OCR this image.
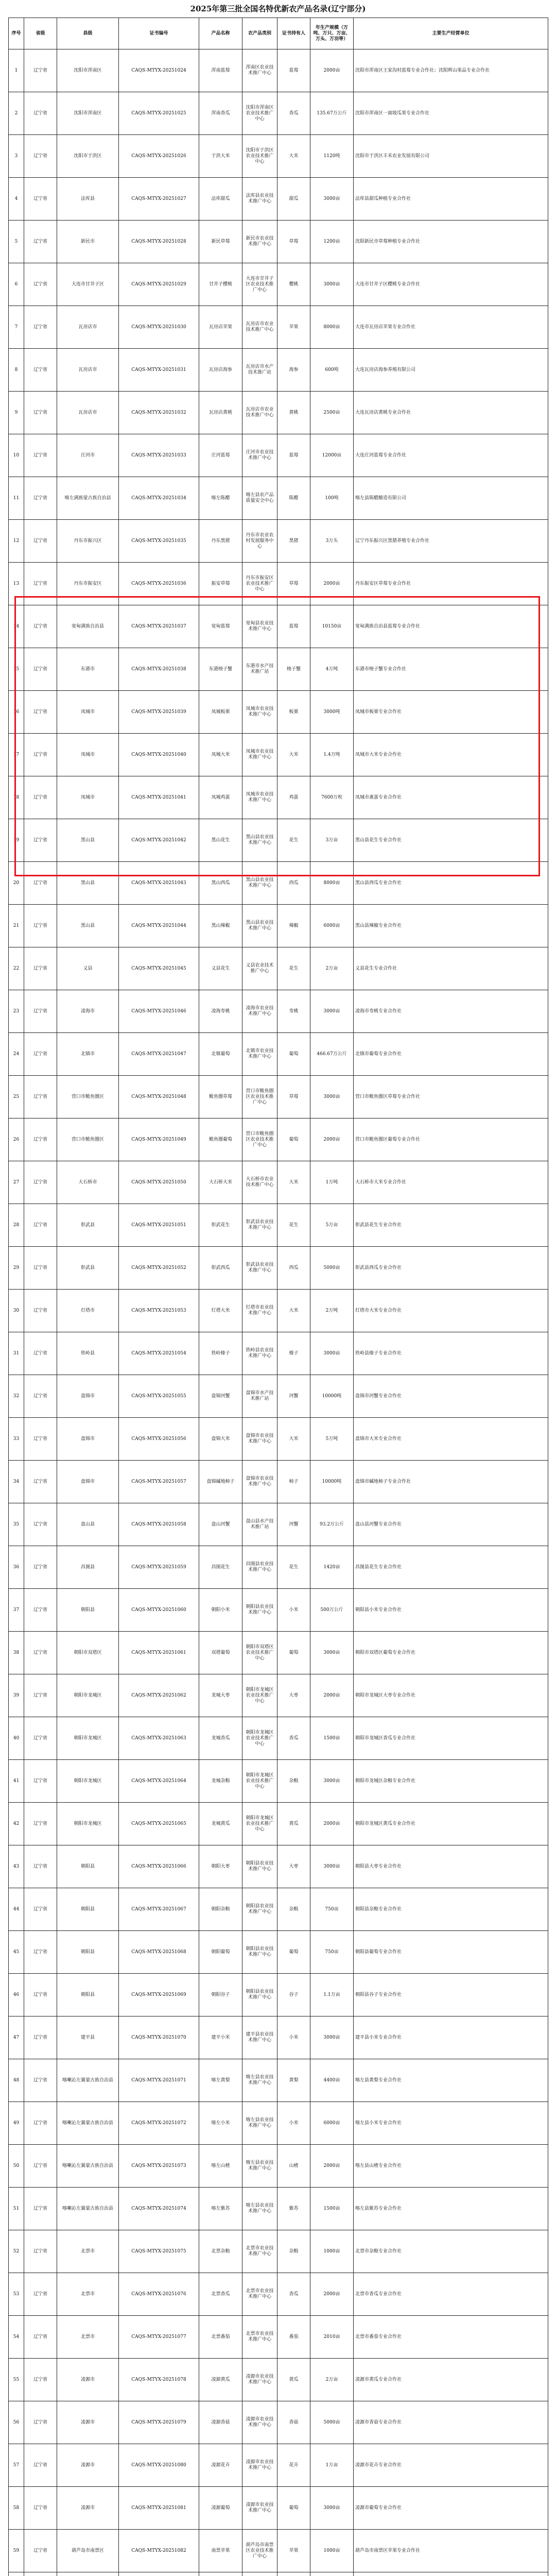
2025年第三批全国名特优新农产品名录(辽宁部分)
序号	省级	县级	证书编号	产品名称	农产品类别	证书持有人	年生产规模（万吨、万只、万亩、万头、万羽等）	主要生产经营单位
1	辽宁省	沈阳市浑南区	CAQS-MTYX-20251024	浑南蓝莓	浑南区农业技术推广中心	蓝莓	2000亩	沈阳市浑南区王家沟村蓝莓专业合作社；沈阳辉山果品专业合作社
2	辽宁省	沈阳市浑南区	CAQS-MTYX-20251025	浑南香瓜	沈阳市浑南区农业技术推广中心	香瓜	135.67万公斤	沈阳市浑南区一面坡瓜果专业合作社
3	辽宁省	沈阳市于洪区	CAQS-MTYX-20251026	于洪大米	沈阳市于洪区农业技术推广中心	大米	1120吨	沈阳市于洪区丰禾农业发展有限公司
4	辽宁省	法库县	CAQS-MTYX-20251027	法库甜瓜	法库县农业技术推广中心	甜瓜	3000亩	法库县甜瓜种植专业合作社
5	辽宁省	新民市	CAQS-MTYX-20251028	新民草莓	新民市农业技术推广中心	草莓	1200亩	沈阳新民市草莓种植专业合作社
6	辽宁省	大连市甘井子区	CAQS-MTYX-20251029	甘井子樱桃	大连市甘井子区农业技术推广中心	樱桃	3000亩	大连市甘井子区樱桃专业合作社
7	辽宁省	瓦房店市	CAQS-MTYX-20251030	瓦房店苹果	瓦房店市农业技术推广中心	苹果	8000亩	大连市瓦房店苹果专业合作社
8	辽宁省	瓦房店市	CAQS-MTYX-20251031	瓦房店海参	瓦房店市水产技术推广站	海参	600吨	大连瓦房店海参养殖有限公司
9	辽宁省	瓦房店市	CAQS-MTYX-20251032	瓦房店黄桃	瓦房店市农业技术推广中心	黄桃	2500亩	大连瓦房店黄桃专业合作社
10	辽宁省	庄河市	CAQS-MTYX-20251033	庄河蓝莓	庄河市农业技术推广中心	蓝莓	12000亩	大连庄河蓝莓专业合作社
11	辽宁省	喀左满族蒙古族自治县	CAQS-MTYX-20251034	喀左陈醋	喀左县农产品质量安全中心	陈醋	100吨	喀左县陈醋酿造有限公司
12	辽宁省	丹东市振兴区	CAQS-MTYX-20251035	丹东黑猪	丹东市农业农村发展服务中心	黑猪	3万头	辽宁丹东振兴区黑猪养殖专业合作社
13	辽宁省	丹东市振安区	CAQS-MTYX-20251036	振安草莓	丹东市振安区农业技术推广中心	草莓	2000亩	丹东振安区草莓专业合作社
14	辽宁省	宽甸满族自治县	CAQS-MTYX-20251037	宽甸蓝莓	宽甸县农业技术推广中心	蓝莓	10150亩	宽甸满族自治县蓝莓专业合作社
15	辽宁省	东港市	CAQS-MTYX-20251038	东港梭子蟹	东港市水产技术推广站	梭子蟹	4万吨	东港市梭子蟹专业合作社
16	辽宁省	凤城市	CAQS-MTYX-20251039	凤城板栗	凤城市农业技术推广中心	板栗	3000吨	凤城市板栗专业合作社
17	辽宁省	凤城市	CAQS-MTYX-20251040	凤城大米	凤城市农业技术推广中心	大米	1.4万吨	凤城市大米专业合作社
18	辽宁省	凤城市	CAQS-MTYX-20251041	凤城鸡蛋	凤城市农业技术推广中心	鸡蛋	7600万枚	凤城市禽蛋专业合作社
19	辽宁省	黑山县	CAQS-MTYX-20251042	黑山花生	黑山县农业技术推广中心	花生	3万亩	黑山县花生专业合作社
20	辽宁省	黑山县	CAQS-MTYX-20251043	黑山西瓜	黑山县农业技术推广中心	西瓜	8000亩	黑山县西瓜专业合作社
21	辽宁省	黑山县	CAQS-MTYX-20251044	黑山辣椒	黑山县农业技术推广中心	辣椒	6000亩	黑山县辣椒专业合作社
22	辽宁省	义县	CAQS-MTYX-20251045	义县花生	义县农业技术推广中心	花生	2万亩	义县花生专业合作社
23	辽宁省	凌海市	CAQS-MTYX-20251046	凌海寿桃	凌海市农业技术推广中心	寿桃	3000亩	凌海市寿桃专业合作社
24	辽宁省	北镇市	CAQS-MTYX-20251047	北镇葡萄	北镇市农业技术推广中心	葡萄	466.67万公斤	北镇市葡萄专业合作社
25	辽宁省	营口市鲅鱼圈区	CAQS-MTYX-20251048	鲅鱼圈草莓	营口市鲅鱼圈区农业技术推广中心	草莓	3000亩	营口市鲅鱼圈区草莓专业合作社
26	辽宁省	营口市鲅鱼圈区	CAQS-MTYX-20251049	鲅鱼圈葡萄	营口市鲅鱼圈区农业技术推广中心	葡萄	2000亩	营口市鲅鱼圈区葡萄专业合作社
27	辽宁省	大石桥市	CAQS-MTYX-20251050	大石桥大米	大石桥市农业技术推广中心	大米	1万吨	大石桥市大米专业合作社
28	辽宁省	彰武县	CAQS-MTYX-20251051	彰武花生	彰武县农业技术推广中心	花生	5万亩	彰武县花生专业合作社
29	辽宁省	彰武县	CAQS-MTYX-20251052	彰武西瓜	彰武县农业技术推广中心	西瓜	5000亩	彰武县西瓜专业合作社
30	辽宁省	灯塔市	CAQS-MTYX-20251053	灯塔大米	灯塔市农业技术推广中心	大米	2万吨	灯塔市大米专业合作社
31	辽宁省	铁岭县	CAQS-MTYX-20251054	铁岭榛子	铁岭县农业技术推广中心	榛子	3000亩	铁岭县榛子专业合作社
32	辽宁省	盘锦市	CAQS-MTYX-20251055	盘锦河蟹	盘锦市水产技术推广站	河蟹	10000吨	盘锦市河蟹专业合作社
33	辽宁省	盘锦市	CAQS-MTYX-20251056	盘锦大米	盘锦市农业技术推广中心	大米	5万吨	盘锦市大米专业合作社
34	辽宁省	盘锦市	CAQS-MTYX-20251057	盘锦碱地柿子	盘锦市农业技术推广中心	柿子	10000吨	盘锦市碱地柿子专业合作社
35	辽宁省	盘山县	CAQS-MTYX-20251058	盘山河蟹	盘山县水产技术推广站	河蟹	93.2万公斤	盘山县河蟹专业合作社
36	辽宁省	昌图县	CAQS-MTYX-20251059	昌图花生	昌图县农业技术推广中心	花生	1420亩	昌图县花生专业合作社
37	辽宁省	朝阳县	CAQS-MTYX-20251060	朝阳小米	朝阳县农业技术推广中心	小米	500万公斤	朝阳县小米专业合作社
38	辽宁省	朝阳市双塔区	CAQS-MTYX-20251061	双塔葡萄	朝阳市双塔区农业技术推广中心	葡萄	3000亩	朝阳市双塔区葡萄专业合作社
39	辽宁省	朝阳市龙城区	CAQS-MTYX-20251062	龙城大枣	朝阳市龙城区农业技术推广中心	大枣	2000亩	朝阳市龙城区大枣专业合作社
40	辽宁省	朝阳市龙城区	CAQS-MTYX-20251063	龙城香瓜	朝阳市龙城区农业技术推广中心	香瓜	1500亩	朝阳市龙城区香瓜专业合作社
41	辽宁省	朝阳市龙城区	CAQS-MTYX-20251064	龙城杂粮	朝阳市龙城区农业技术推广中心	杂粮	3000亩	朝阳市龙城区杂粮专业合作社
42	辽宁省	朝阳市龙城区	CAQS-MTYX-20251065	龙城黄瓜	朝阳市龙城区农业技术推广中心	黄瓜	2000亩	朝阳市龙城区黄瓜专业合作社
43	辽宁省	朝阳县	CAQS-MTYX-20251066	朝阳大枣	朝阳县农业技术推广中心	大枣	3000亩	朝阳县大枣专业合作社
44	辽宁省	朝阳县	CAQS-MTYX-20251067	朝阳杂粮	朝阳县农业技术推广中心	杂粮	750亩	朝阳县杂粮专业合作社
45	辽宁省	朝阳县	CAQS-MTYX-20251068	朝阳葡萄	朝阳县农业技术推广中心	葡萄	750亩	朝阳县葡萄专业合作社
46	辽宁省	朝阳县	CAQS-MTYX-20251069	朝阳谷子	朝阳县农业技术推广中心	谷子	1.1万亩	朝阳县谷子专业合作社
47	辽宁省	建平县	CAQS-MTYX-20251070	建平小米	建平县农业技术推广中心	小米	3000亩	建平县小米专业合作社
48	辽宁省	喀喇沁左翼蒙古族自治县	CAQS-MTYX-20251071	喀左黄梨	喀左县农业技术推广中心	黄梨	4400亩	喀左县黄梨专业合作社
49	辽宁省	喀喇沁左翼蒙古族自治县	CAQS-MTYX-20251072	喀左小米	喀左县农业技术推广中心	小米	6000亩	喀左县小米专业合作社
50	辽宁省	喀喇沁左翼蒙古族自治县	CAQS-MTYX-20251073	喀左山楂	喀左县农业技术推广中心	山楂	2000亩	喀左县山楂专业合作社
51	辽宁省	喀喇沁左翼蒙古族自治县	CAQS-MTYX-20251074	喀左紫苏	喀左县农业技术推广中心	紫苏	1500亩	喀左县紫苏专业合作社
52	辽宁省	北票市	CAQS-MTYX-20251075	北票杂粮	北票市农业技术推广中心	杂粮	1000亩	北票市杂粮专业合作社
53	辽宁省	北票市	CAQS-MTYX-20251076	北票香瓜	北票市农业技术推广中心	香瓜	2000亩	北票市香瓜专业合作社
54	辽宁省	北票市	CAQS-MTYX-20251077	北票番茄	北票市农业技术推广中心	番茄	2010亩	北票市番茄专业合作社
55	辽宁省	凌源市	CAQS-MTYX-20251078	凌源黄瓜	凌源市农业技术推广中心	黄瓜	2万亩	凌源市黄瓜专业合作社
56	辽宁省	凌源市	CAQS-MTYX-20251079	凌源香菇	凌源市农业技术推广中心	香菇	5000亩	凌源市香菇专业合作社
57	辽宁省	凌源市	CAQS-MTYX-20251080	凌源花卉	凌源市农业技术推广中心	花卉	1万亩	凌源市花卉专业合作社
58	辽宁省	凌源市	CAQS-MTYX-20251081	凌源葡萄	凌源市农业技术推广中心	葡萄	3000亩	凌源市葡萄专业合作社
59	辽宁省	葫芦岛市南票区	CAQS-MTYX-20251082	南票苹果	葫芦岛市南票区农业技术推广中心	苹果	1000亩	葫芦岛市南票区苹果专业合作社
